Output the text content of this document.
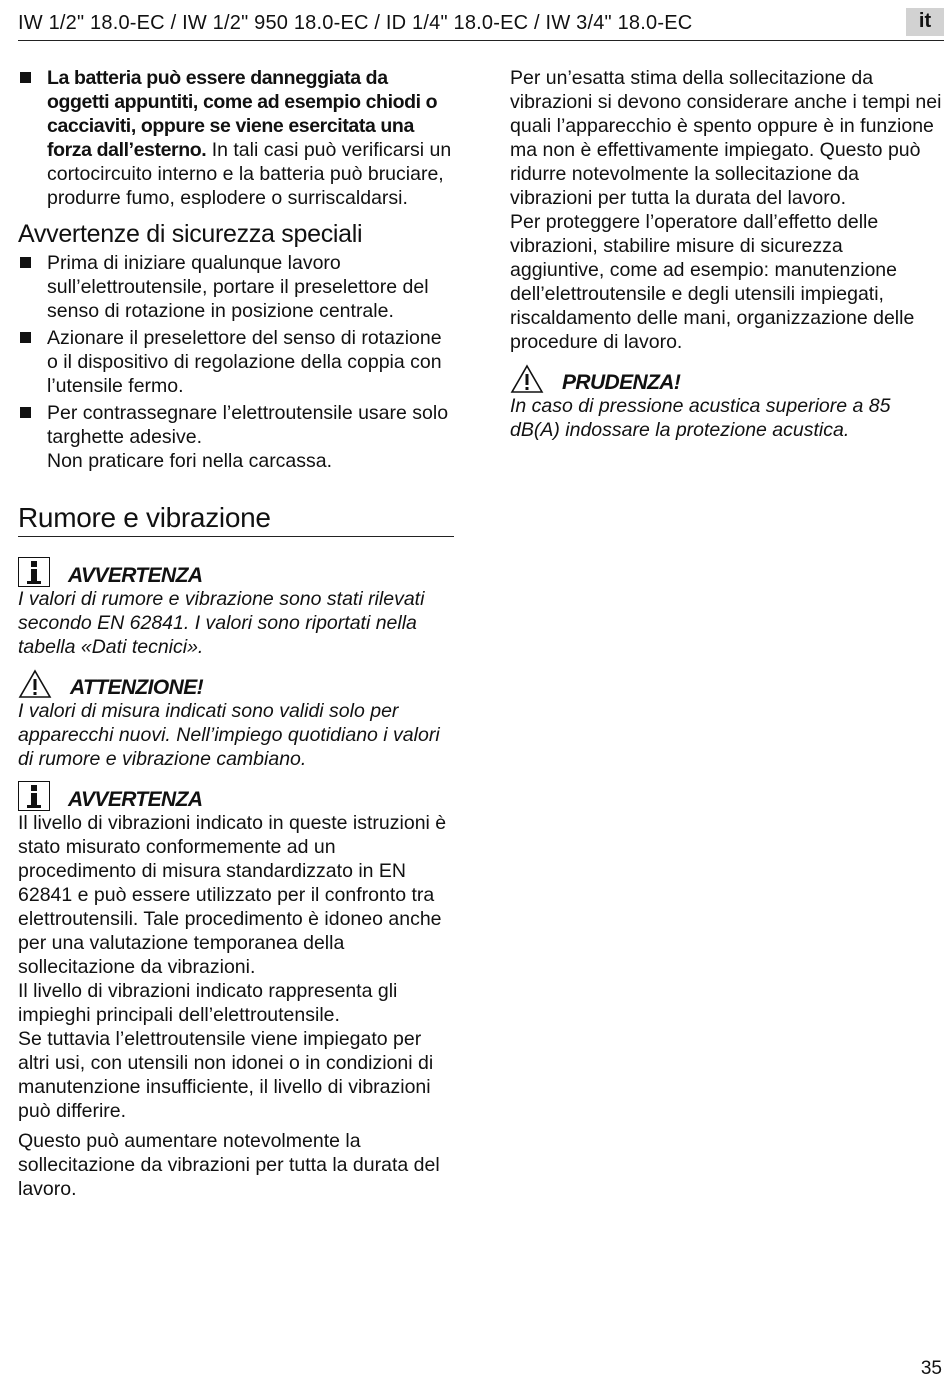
IW 1/2" 18.0-EC / IW 1/2" 950 18.0-EC / ID 1/4" 18.0-EC / IW 3/4" 18.0-EC	it
La batteria può essere danneggiata da oggetti appuntiti, come ad esempio chiodi o cacciaviti, oppure se viene esercitata una forza dall’esterno. In tali casi può verificarsi un cortocircuito interno e la batteria può bruciare, produrre fumo, esplodere o surriscaldarsi.
Avvertenze di sicurezza speciali
Prima di iniziare qualunque lavoro sull’elettroutensile, portare il preselettore del senso di rotazione in posizione centrale.
Azionare il preselettore del senso di rotazione o il dispositivo di regolazione della coppia con l’utensile fermo.
Per contrassegnare l’elettroutensile usare solo targhette adesive.
Non praticare fori nella carcassa.
Rumore e vibrazione
AVVERTENZA

I valori di rumore e vibrazione sono stati rilevati secondo EN 62841. I valori sono riportati nella tabella «Dati tecnici».

ATTENZIONE!

I valori di misura indicati sono validi solo per apparecchi nuovi. Nell’impiego quotidiano i valori di rumore e vibrazione cambiano.

AVVERTENZA

Il livello di vibrazioni indicato in queste istruzioni è stato misurato conformemente ad un procedimento di misura standardizzato in EN 62841 e può essere utilizzato per il confronto tra elettroutensili. Tale procedimento è idoneo anche per una valutazione temporanea della sollecitazione da vibrazioni.

Il livello di vibrazioni indicato rappresenta gli impieghi principali dell’elettroutensile.

Se tuttavia l’elettroutensile viene impiegato per altri usi, con utensili non idonei o in condizioni di manutenzione insufficiente, il livello di vibrazioni può differire.

Questo può aumentare notevolmente la sollecitazione da vibrazioni per tutta la durata del lavoro.

Per un’esatta stima della sollecitazione da vibrazioni si devono considerare anche i tempi nei quali l’apparecchio è spento oppure è in funzione ma non è effettivamente impiegato. Questo può ridurre notevolmente la sollecitazione da vibrazioni per tutta la durata del lavoro.

Per proteggere l’operatore dall’effetto delle vibrazioni, stabilire misure di sicurezza aggiuntive, come ad esempio: manutenzione dell’elettroutensile e degli utensili impiegati, riscaldamento delle mani, organizzazione delle procedure di lavoro.

PRUDENZA!

In caso di pressione acustica superiore a 85 dB(A) indossare la protezione acustica.

35
